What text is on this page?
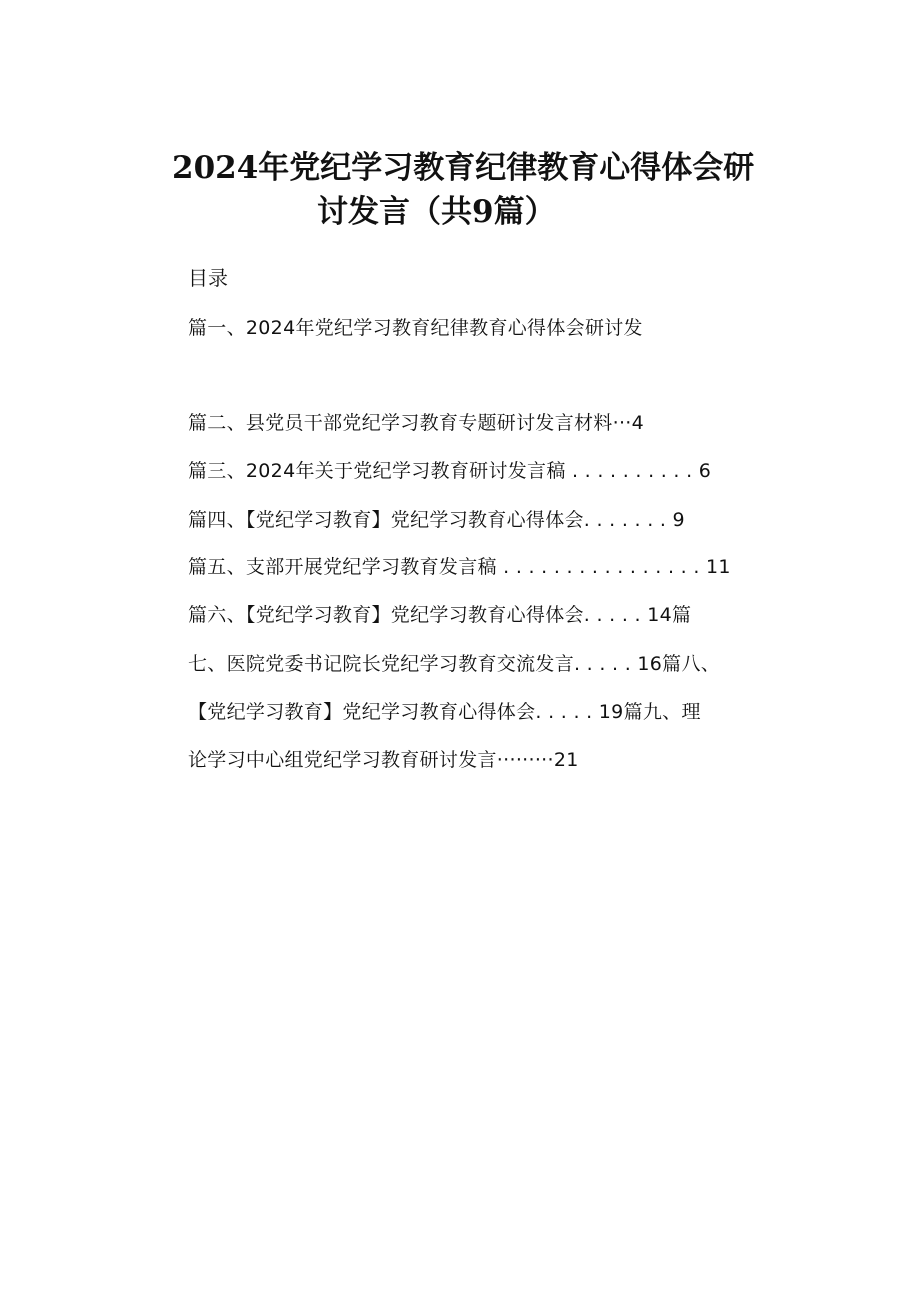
2024年党纪学习教育纪律教育心得体会研
讨发言（共9篇）
目录
篇一、2024年党纪学习教育纪律教育心得体会研讨发
篇二、县党员干部党纪学习教育专题研讨发言材料···4
篇三、2024年关于党纪学习教育研讨发言稿 . . . . . . . . . . 6
篇四、【党纪学习教育】党纪学习教育心得体会. . . . . . . 9
篇五、支部开展党纪学习教育发言稿 . . . . . . . . . . . . . . . . 11
篇六、【党纪学习教育】党纪学习教育心得体会. . . . . 14篇
七、医院党委书记院长党纪学习教育交流发言. . . . . 16篇八、
【党纪学习教育】党纪学习教育心得体会. . . . . 19篇九、理
论学习中心组党纪学习教育研讨发言·········21
